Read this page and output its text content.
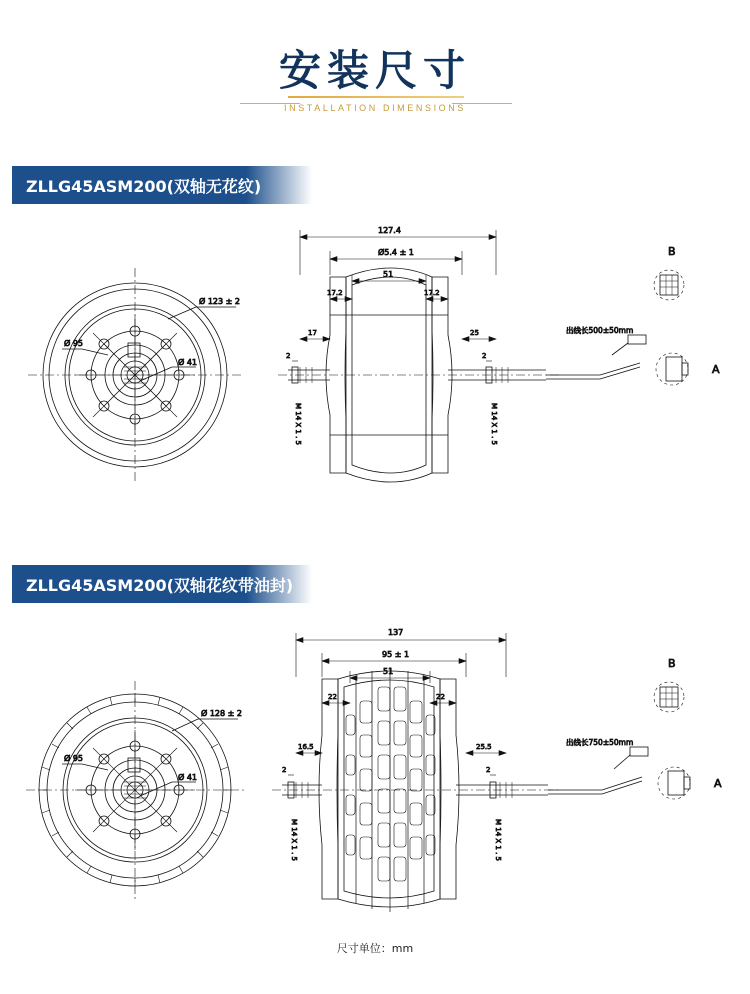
安装尺寸
INSTALLATION DIMENSIONS
ZLLG45ASM200(双轴无花纹)
Ø 123 ± 2
Ø 95
Ø 41
127.4
Ø5.4 ± 1
51
17.2	17.2
17	25
2	2
M 14 X 1 . 5	M 14 X 1 . 5
出线长500±50mm
B
A
ZLLG45ASM200(双轴花纹带油封)
Ø 128 ± 2
Ø 95
Ø 41
137
95 ± 1
51
22	22
16.5	25.5
2	2
M 14 X 1 . 5	M 14 X 1 . 5
出线长750±50mm
B
A
尺寸单位：mm
